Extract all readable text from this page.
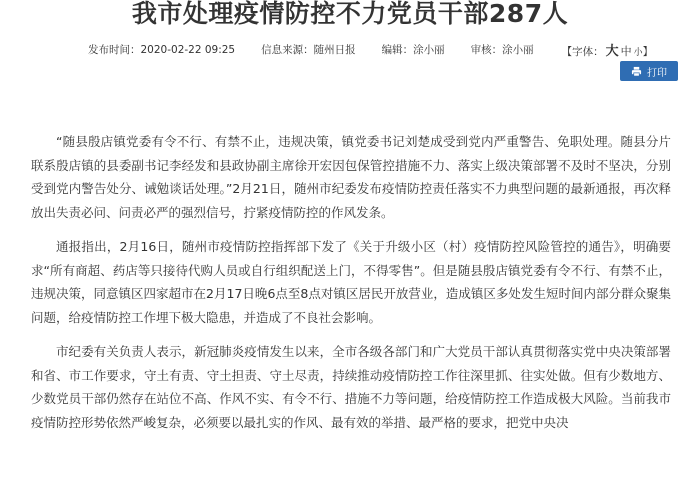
我市处理疫情防控不力党员干部287人
发布时间：2020-02-22 09:25 信息来源：随州日报 编辑：涂小丽 审核：涂小丽	【字体： 大 中 小】
打印

“随县殷店镇党委有令不行、有禁不止，违规决策，镇党委书记刘楚成受到党内严重警告、免职处理。随县分片联系殷店镇的县委副书记李经发和县政协副主席徐开宏因包保管控措施不力、落实上级决策部署不及时不坚决，分别受到党内警告处分、诫勉谈话处理。”2月21日，随州市纪委发布疫情防控责任落实不力典型问题的最新通报，再次释放出失责必问、问责必严的强烈信号，拧紧疫情防控的作风发条。

通报指出，2月16日，随州市疫情防控指挥部下发了《关于升级小区（村）疫情防控风险管控的通告》，明确要求“所有商超、药店等只接待代购人员或自行组织配送上门，不得零售”。但是随县殷店镇党委有令不行、有禁不止，违规决策，同意镇区四家超市在2月17日晚6点至8点对镇区居民开放营业，造成镇区多处发生短时间内部分群众聚集问题，给疫情防控工作埋下极大隐患，并造成了不良社会影响。

市纪委有关负责人表示，新冠肺炎疫情发生以来，全市各级各部门和广大党员干部认真贯彻落实党中央决策部署和省、市工作要求，守土有责、守土担责、守土尽责，持续推动疫情防控工作往深里抓、往实处做。但有少数地方、少数党员干部仍然存在站位不高、作风不实、有令不行、措施不力等问题，给疫情防控工作造成极大风险。当前我市疫情防控形势依然严峻复杂，必须要以最扎实的作风、最有效的举措、最严格的要求，把党中央决
